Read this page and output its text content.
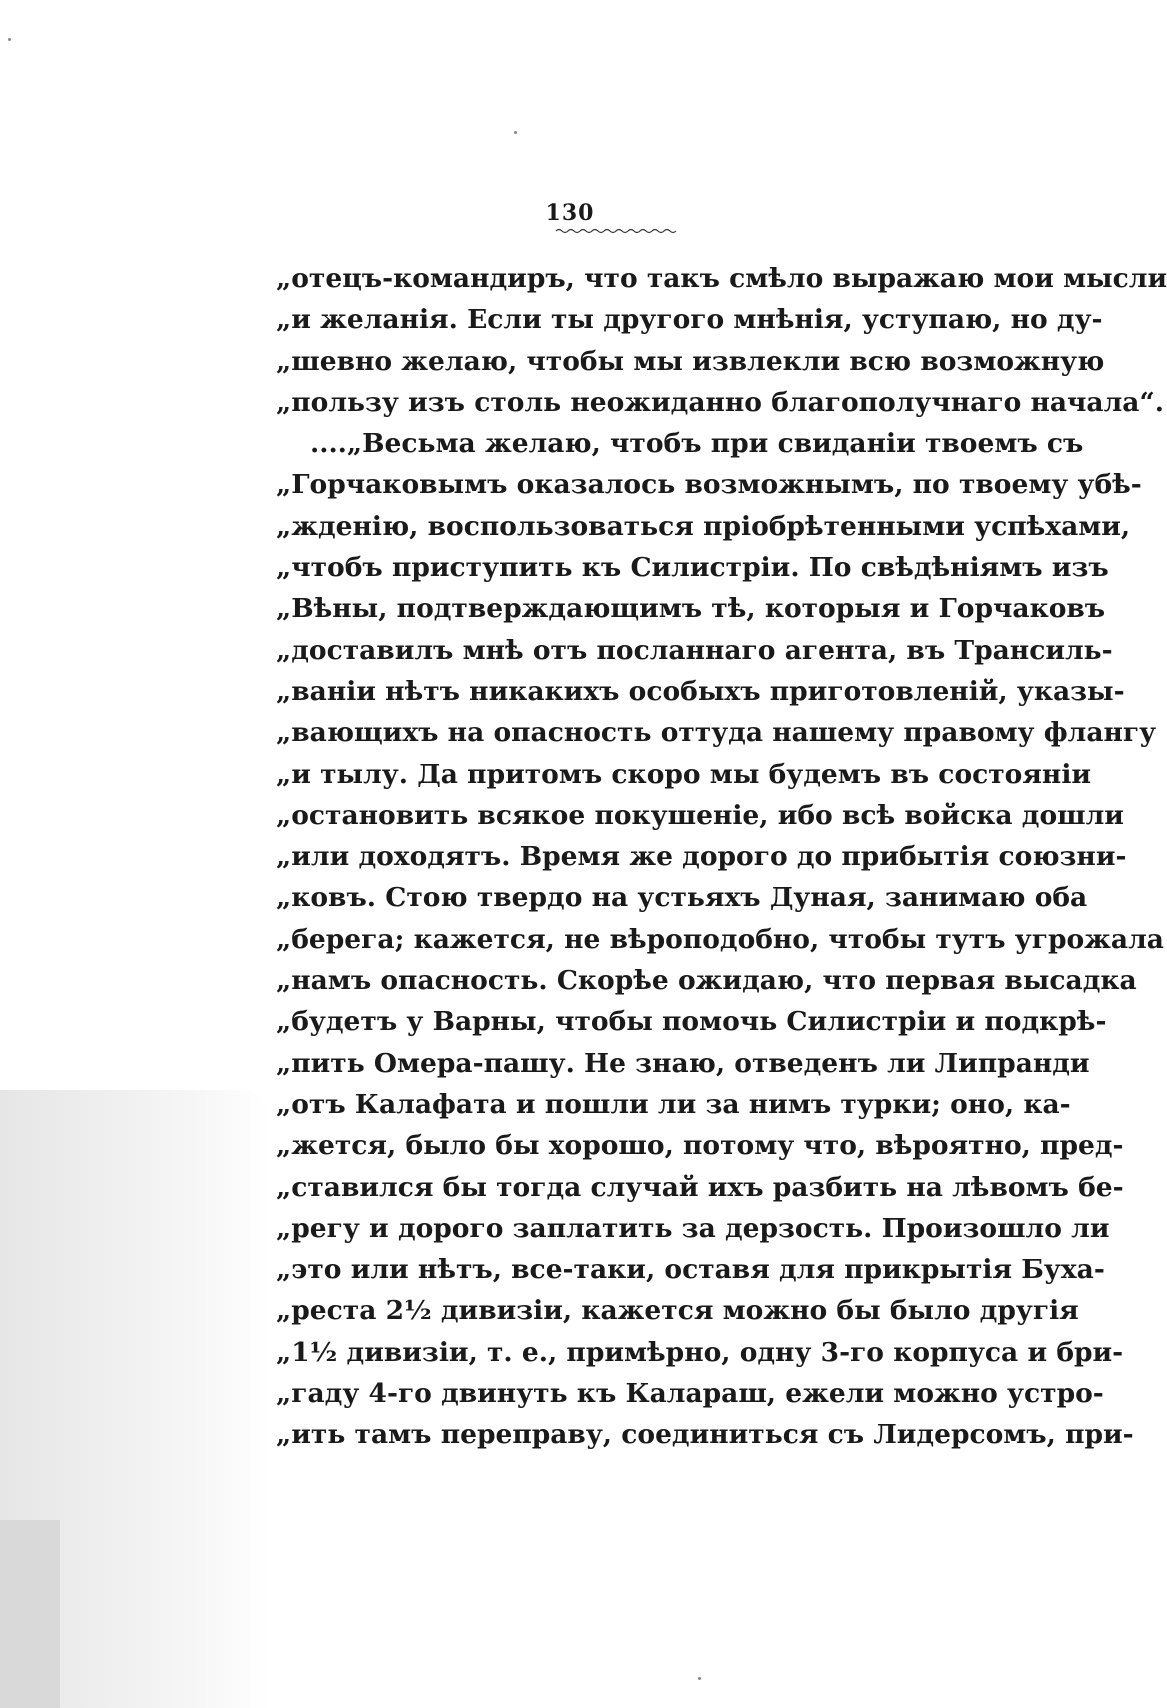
130
„отецъ-командиръ, что такъ смѣло выражаю мои мысли
„и желанія. Если ты другого мнѣнія, уступаю, но ду-
„шевно желаю, чтобы мы извлекли всю возможную
„пользу изъ столь неожиданно благополучнаго начала“.
....„Весьма желаю, чтобъ при свиданіи твоемъ съ
„Горчаковымъ оказалось возможнымъ, по твоему убѣ-
„жденію, воспользоваться пріобрѣтенными успѣхами,
„чтобъ приступить къ Силистріи. По свѣдѣніямъ изъ
„Вѣны, подтверждающимъ тѣ, которыя и Горчаковъ
„доставилъ мнѣ отъ посланнаго агента, въ Трансиль-
„ваніи нѣтъ никакихъ особыхъ приготовленій, указы-
„вающихъ на опасность оттуда нашему правому флангу
„и тылу. Да притомъ скоро мы будемъ въ состояніи
„остановить всякое покушеніе, ибо всѣ войска дошли
„или доходятъ. Время же дорого до прибытія союзни-
„ковъ. Стою твердо на устьяхъ Дуная, занимаю оба
„берега; кажется, не вѣроподобно, чтобы тутъ угрожала
„намъ опасность. Скорѣе ожидаю, что первая высадка
„будетъ у Варны, чтобы помочь Силистріи и подкрѣ-
„пить Омера-пашу. Не знаю, отведенъ ли Липранди
„отъ Калафата и пошли ли за нимъ турки; оно, ка-
„жется, было бы хорошо, потому что, вѣроятно, пред-
„ставился бы тогда случай ихъ разбить на лѣвомъ бе-
„регу и дорого заплатить за дерзость. Произошло ли
„это или нѣтъ, все-таки, оставя для прикрытія Буха-
„реста 2½ дивизіи, кажется можно бы было другія
„1½ дивизіи, т. е., примѣрно, одну 3-го корпуса и бри-
„гаду 4-го двинуть къ Калараш, ежели можно устро-
„ить тамъ переправу, соединиться съ Лидерсомъ, при-
